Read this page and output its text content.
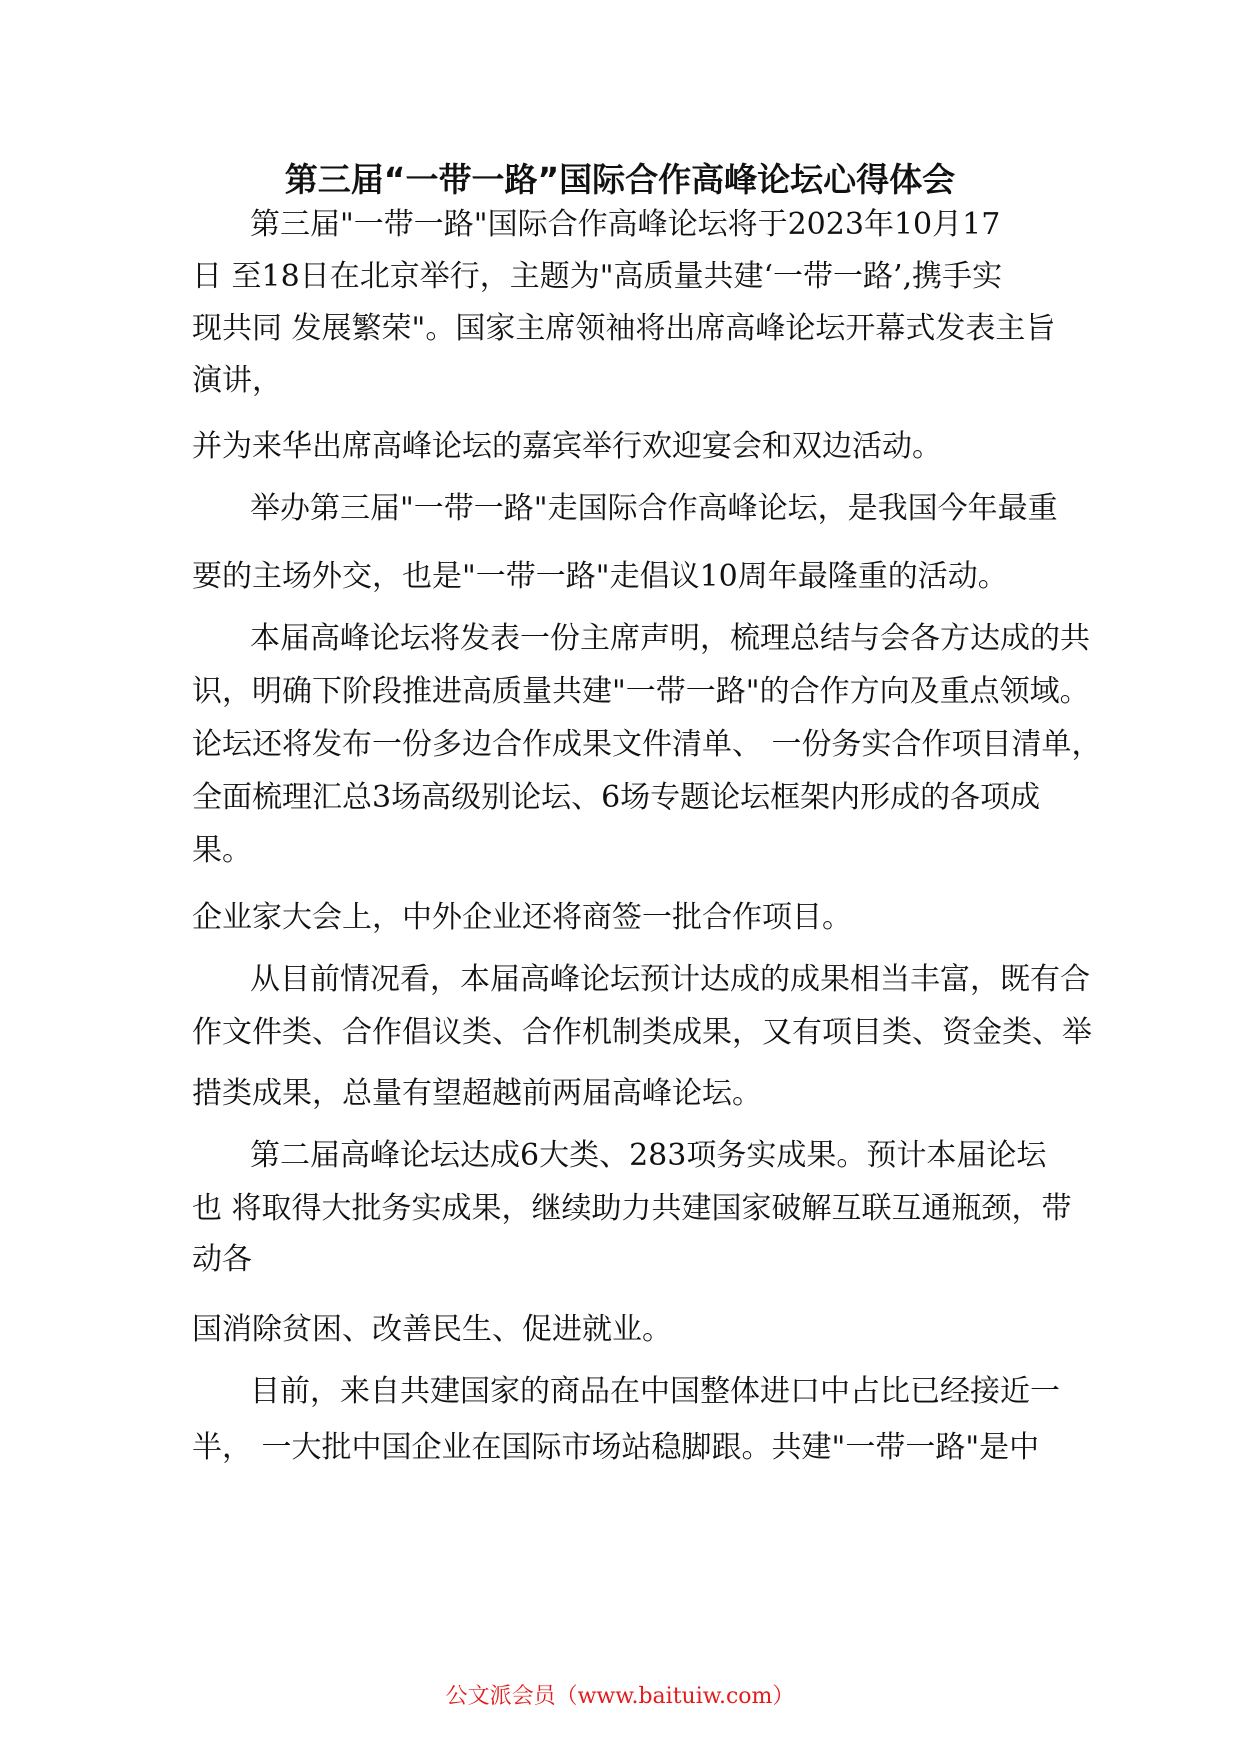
第三届“一带一路”国际合作高峰论坛心得体会

第三届"一带一路"国际合作高峰论坛将于2023年10月17

日 至18日在北京举行，主题为"高质量共建‘一带一路’,携手实

现共同 发展繁荣"。国家主席领袖将出席高峰论坛开幕式发表主旨

演讲，

并为来华出席高峰论坛的嘉宾举行欢迎宴会和双边活动。

举办第三届"一带一路"走国际合作高峰论坛，是我国今年最重

要的主场外交，也是"一带一路"走倡议10周年最隆重的活动。

本届高峰论坛将发表一份主席声明，梳理总结与会各方达成的共

识，明确下阶段推进高质量共建"一带一路"的合作方向及重点领域。

论坛还将发布一份多边合作成果文件清单、 一份务实合作项目清单，

全面梳理汇总3场高级别论坛、6场专题论坛框架内形成的各项成

果。

企业家大会上，中外企业还将商签一批合作项目。

从目前情况看，本届高峰论坛预计达成的成果相当丰富，既有合

作文件类、合作倡议类、合作机制类成果，又有项目类、资金类、举

措类成果，总量有望超越前两届高峰论坛。

第二届高峰论坛达成6大类、283项务实成果。预计本届论坛

也 将取得大批务实成果，继续助力共建国家破解互联互通瓶颈，带

动各

国消除贫困、改善民生、促进就业。

目前，来自共建国家的商品在中国整体进口中占比已经接近一

半， 一大批中国企业在国际市场站稳脚跟。共建"一带一路"是中

公文派会员（www.baituiw.com）
